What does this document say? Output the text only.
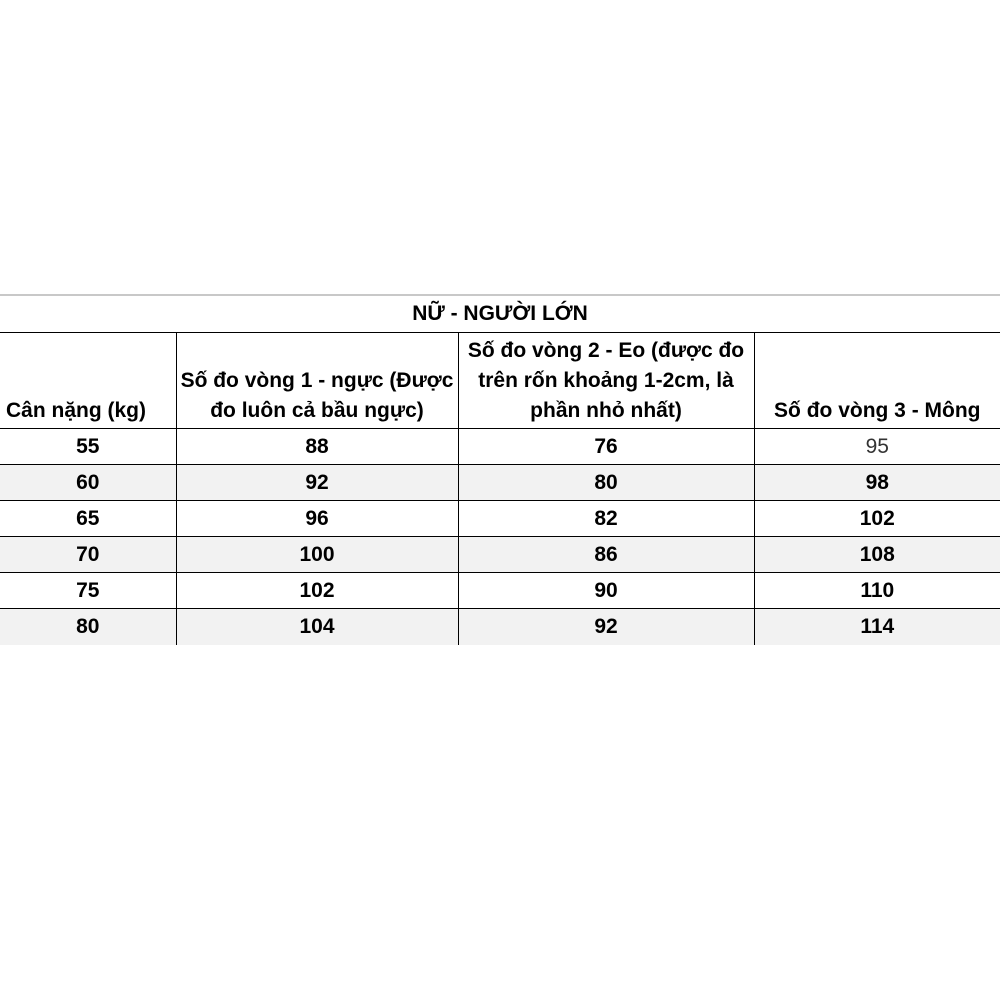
NỮ - NGƯỜI LỚN			
Cân nặng (kg)	Số đo vòng 1 - ngực (Được đo luôn cả bầu ngực)	Số đo vòng 2 - Eo (được đo trên rốn khoảng 1-2cm, là phần nhỏ nhất)	Số đo vòng 3 - Mông
55	88	76	95
60	92	80	98
65	96	82	102
70	100	86	108
75	102	90	110
80	104	92	114
